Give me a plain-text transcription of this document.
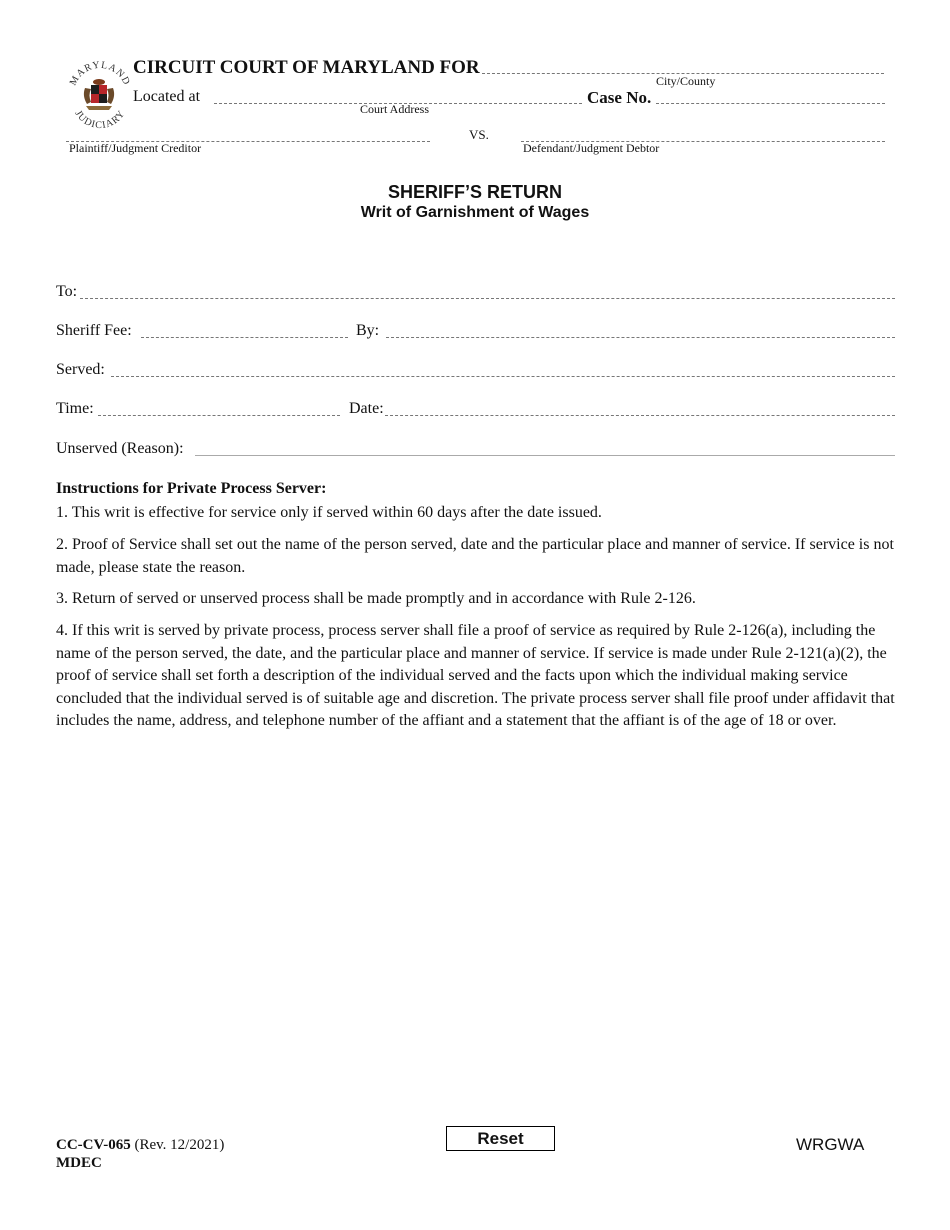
MARYLAND
JUDICIARY
CIRCUIT COURT OF MARYLAND FOR
City/County
Located at
Court Address
Case No.
Plaintiff/Judgment Creditor
VS.
Defendant/Judgment Debtor
SHERIFF’S RETURN
Writ of Garnishment of Wages
To:
Sheriff Fee:	By:
Served:
Time:	Date:
Unserved (Reason):
Instructions for Private Process Server:
1. This writ is effective for service only if served within 60 days after the date issued.
2. Proof of Service shall set out the name of the person served, date and the particular place and manner of service. If service is not made, please state the reason.
3. Return of served or unserved process shall be made promptly and in accordance with Rule 2-126.
4. If this writ is served by private process, process server shall file a proof of service as required by Rule 2-126(a), including the name of the person served, the date, and the particular place and manner of service. If service is made under Rule 2-121(a)(2), the proof of service shall set forth a description of the individual served and the facts upon which the individual making service concluded that the individual served is of suitable age and discretion. The private process server shall file proof under affidavit that includes the name, address, and telephone number of the affiant and a statement that the affiant is of the age of 18 or over.
CC-CV-065 (Rev. 12/2021)
MDEC
Reset	WRGWA
